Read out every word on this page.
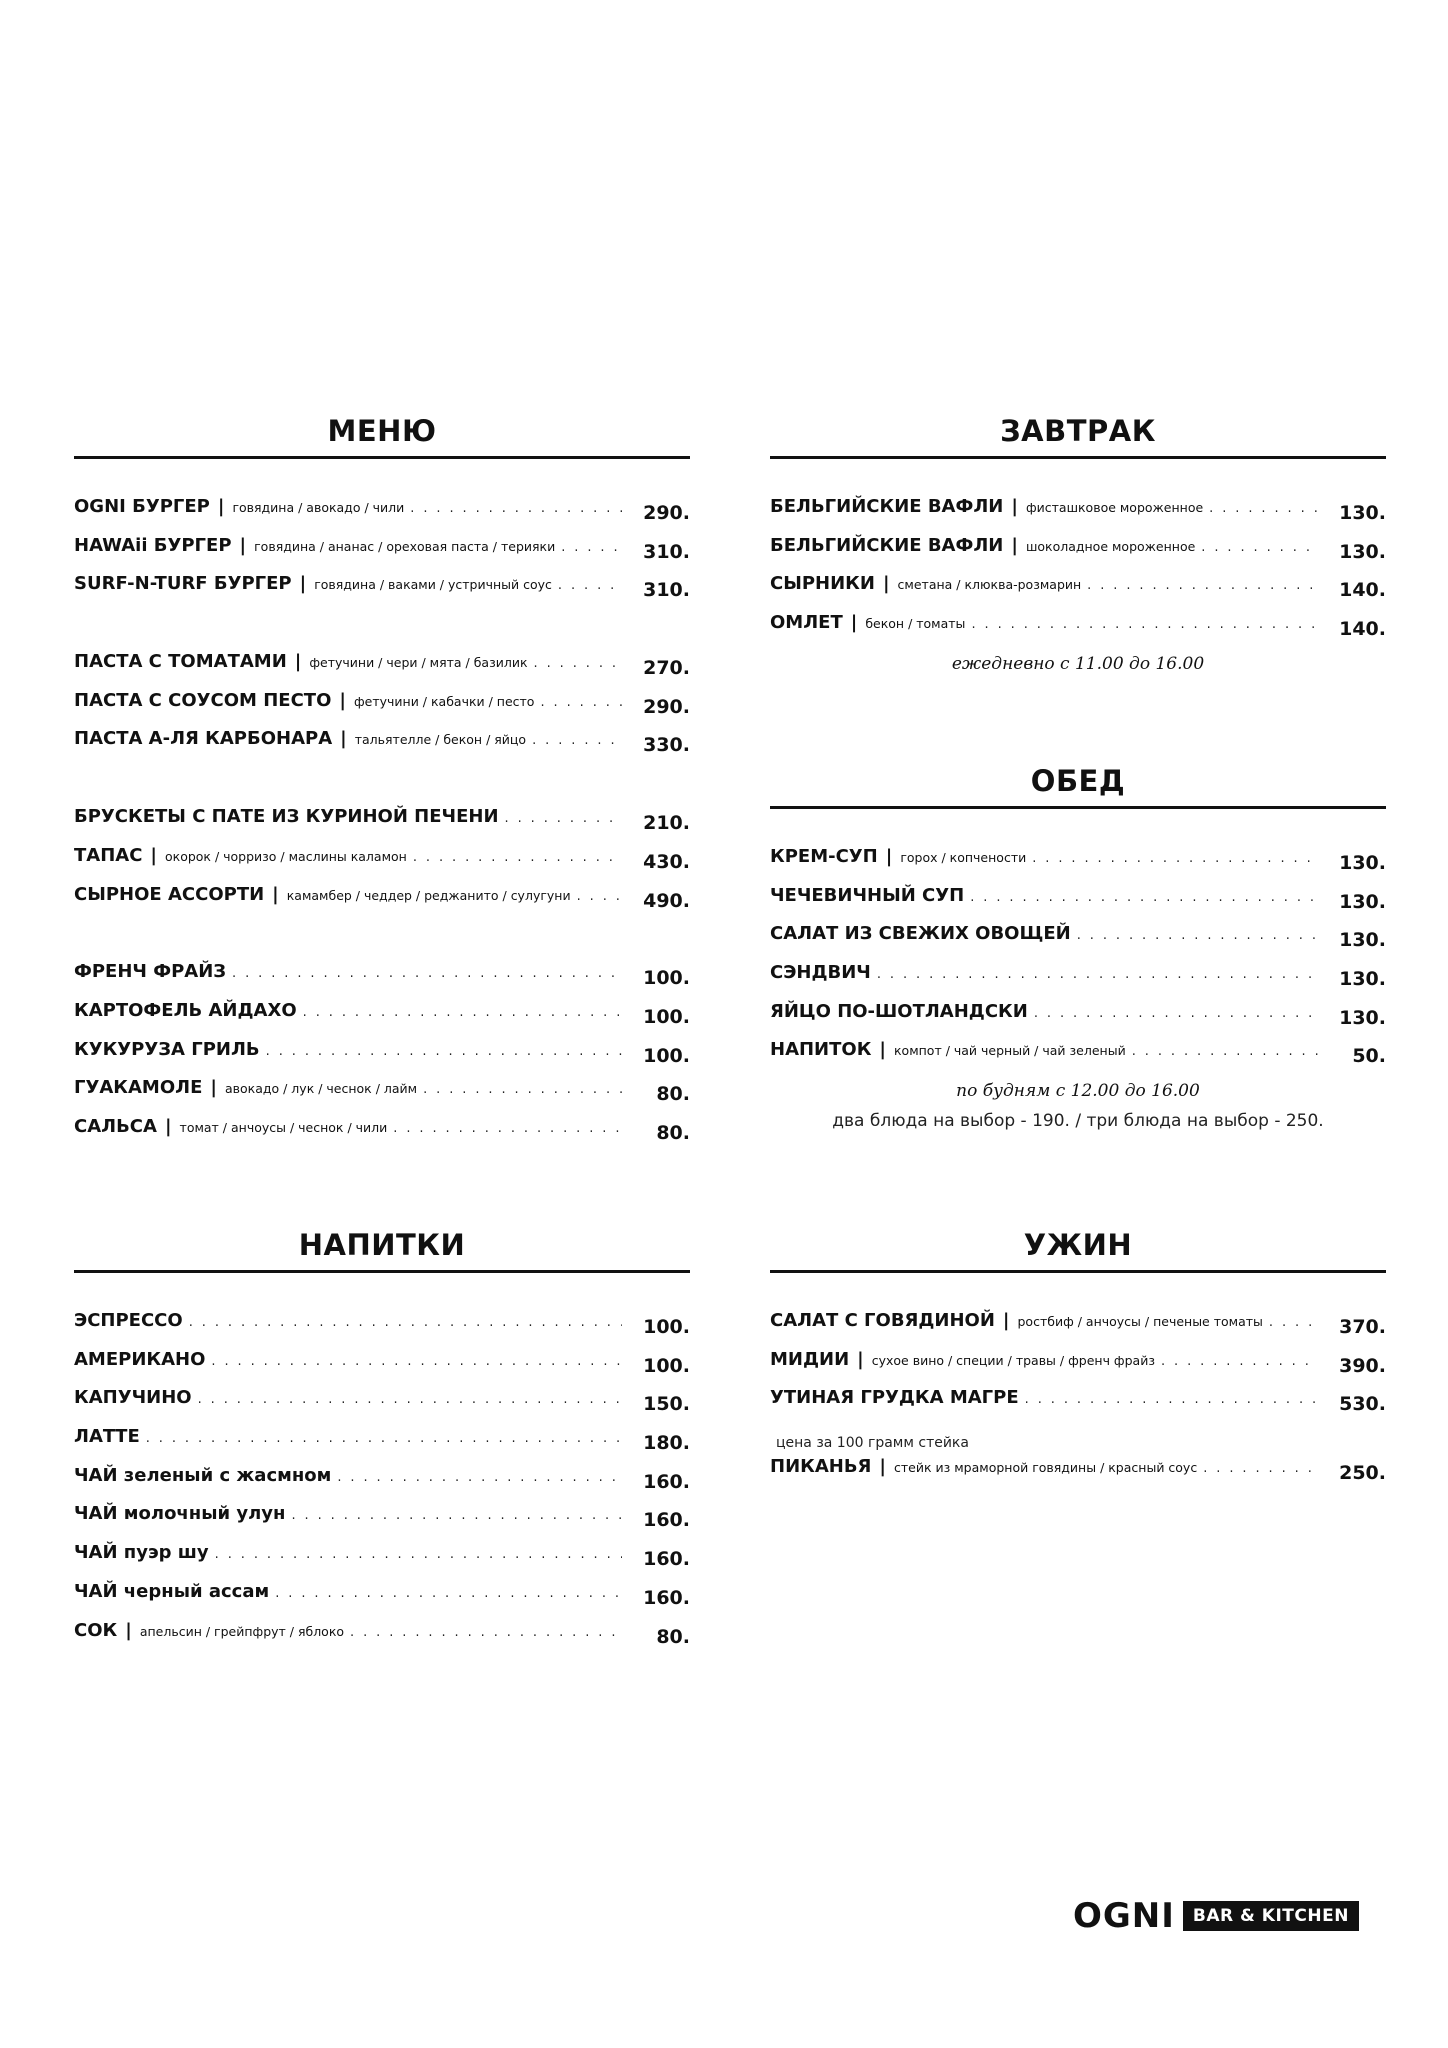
МЕНЮ
OGNI БУРГЕР | говядина / авокадо / чили . . .	290.
HAWAii БУРГЕР | говядина / ананас / ореховая паста / терияки . . .	310.
SURF-N-TURF БУРГЕР | говядина / ваками / устричный соус . . .	310.
ПАСТА С ТОМАТАМИ | фетучини / чери / мята / базилик . . .	270.
ПАСТА С СОУСОМ ПЕСТО | фетучини / кабачки / песто . . .	290.
ПАСТА А-ЛЯ КАРБОНАРА | тальятелле / бекон / яйцо . . .	330.
БРУСКЕТЫ С ПАТЕ ИЗ КУРИНОЙ ПЕЧЕНИ . . .	210.
ТАПАС | окорок / чорризо / маслины каламон . . .	430.
СЫРНОЕ АССОРТИ | камамбер / чеддер / реджанито / сулугуни . . .	490.
ФРЕНЧ ФРАЙЗ . . .	100.
КАРТОФЕЛЬ АЙДАХО . . .	100.
КУКУРУЗА ГРИЛЬ . . .	100.
ГУАКАМОЛЕ | авокадо / лук / чеснок / лайм . . .	80.
САЛЬСА | томат / анчоусы / чеснок / чили . . .	80.
ЗАВТРАК
БЕЛЬГИЙСКИЕ ВАФЛИ | фисташковое мороженное . . .	130.
БЕЛЬГИЙСКИЕ ВАФЛИ | шоколадное мороженное . . .	130.
СЫРНИКИ | сметана / клюква-розмарин . . .	140.
ОМЛЕТ | бекон / томаты . . .	140.
ежедневно с 11.00 до 16.00
ОБЕД
КРЕМ-СУП | горох / копчености . . .	130.
ЧЕЧЕВИЧНЫЙ СУП . . .	130.
САЛАТ ИЗ СВЕЖИХ ОВОЩЕЙ . . .	130.
СЭНДВИЧ . . .	130.
ЯЙЦО ПО-ШОТЛАНДСКИ . . .	130.
НАПИТОК | компот / чай черный / чай зеленый . . .	50.
по будням с 12.00 до 16.00
два блюда на выбор - 190. / три блюда на выбор - 250.
НАПИТКИ
ЭСПРЕССО . . .	100.
АМЕРИКАНО . . .	100.
КАПУЧИНО . . .	150.
ЛАТТЕ . . .	180.
ЧАЙ зеленый с жасмном . . .	160.
ЧАЙ молочный улун . . .	160.
ЧАЙ пуэр шу . . .	160.
ЧАЙ черный ассам . . .	160.
СОК | апельсин / грейпфрут / яблоко . . .	80.
УЖИН
САЛАТ С ГОВЯДИНОЙ | ростбиф / анчоусы / печеные томаты . . .	370.
МИДИИ | сухое вино / специи / травы / френч фрайз . . .	390.
УТИНАЯ ГРУДКА МАГРЕ . . .	530.
цена за 100 грамм стейка
ПИКАНЬЯ | стейк из мраморной говядины / красный соус . . .	250.
OGNI	BAR & KITCHEN
